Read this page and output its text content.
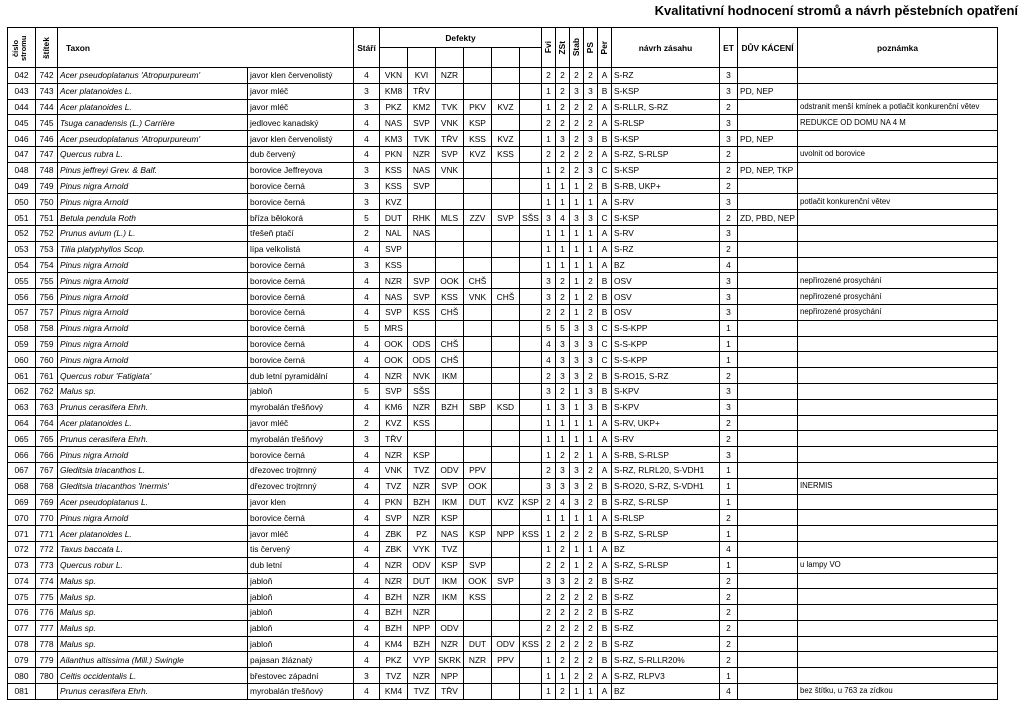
Kvalitativní hodnocení stromů a návrh pěstebních opatření
číslo stromu	štítek	Taxon		Stáří	Defekty						Fvi	ZSt	Stab	PS	Per	návrh zásahu	ET	DŮV KÁCENÍ	poznámka

042	742	Acer pseudoplatanus 'Atropurpureum'	javor klen červenolistý	4	VKN	KVI	NZR				2	2	2	2	A	S-RZ	3		
043	743	Acer platanoides L.	javor mléč	3	KM8	TŘV					1	2	3	3	B	S-KSP	3	PD, NEP	
044	744	Acer platanoides L.	javor mléč	3	PKZ	KM2	TVK	PKV	KVZ		1	2	2	2	A	S-RLLR, S-RZ	2		odstranit menší kmínek a potlačit konkurenční větev
045	745	Tsuga canadensis (L.) Carrière	jedlovec kanadský	4	NAS	SVP	VNK	KSP			2	2	2	2	A	S-RLSP	3		REDUKCE OD DOMU NA 4 M
046	746	Acer pseudoplatanus 'Atropurpureum'	javor klen červenolistý	4	KM3	TVK	TŘV	KSS	KVZ		1	3	2	3	B	S-KSP	3	PD, NEP	
047	747	Quercus rubra L.	dub červený	4	PKN	NZR	SVP	KVZ	KSS		2	2	2	2	A	S-RZ, S-RLSP	2		uvolnit od borovice
048	748	Pinus jeffreyi Grev. & Balf.	borovice Jeffreyova	3	KSS	NAS	VNK				1	2	2	3	C	S-KSP	2	PD, NEP, TKP	
049	749	Pinus nigra Arnold	borovice černá	3	KSS	SVP					1	1	1	2	B	S-RB, UKP+	2		
050	750	Pinus nigra Arnold	borovice černá	3	KVZ						1	1	1	1	A	S-RV	3		potlačit konkurenční větev
051	751	Betula pendula Roth	bříza bělokorá	5	DUT	RHK	MLS	ZZV	SVP	SŠS	3	4	3	3	C	S-KSP	2	ZD, PBD, NEP	
052	752	Prunus avium (L.) L.	třešeň ptačí	2	NAL	NAS					1	1	1	1	A	S-RV	3		
053	753	Tilia platyphyllos Scop.	lípa velkolistá	4	SVP						1	1	1	1	A	S-RZ	2		
054	754	Pinus nigra Arnold	borovice černá	3	KSS						1	1	1	1	A	BZ	4		
055	755	Pinus nigra Arnold	borovice černá	4	NZR	SVP	OOK	CHŠ			3	2	1	2	B	OSV	3		nepřirozené prosychání
056	756	Pinus nigra Arnold	borovice černá	4	NAS	SVP	KSS	VNK	CHŠ		3	2	1	2	B	OSV	3		nepřirozené prosychání
057	757	Pinus nigra Arnold	borovice černá	4	SVP	KSS	CHŠ				2	2	1	2	B	OSV	3		nepřirozené prosychání
058	758	Pinus nigra Arnold	borovice černá	5	MRS						5	5	3	3	C	S-S-KPP	1		
059	759	Pinus nigra Arnold	borovice černá	4	OOK	ODS	CHŠ				4	3	3	3	C	S-S-KPP	1		
060	760	Pinus nigra Arnold	borovice černá	4	OOK	ODS	CHŠ				4	3	3	3	C	S-S-KPP	1		
061	761	Quercus robur 'Fatigiata'	dub letní pyramidální	4	NZR	NVK	IKM				2	3	3	2	B	S-RO15, S-RZ	2		
062	762	Malus sp.	jabloň	5	SVP	SŠS					3	2	1	3	B	S-KPV	3		
063	763	Prunus cerasifera Ehrh.	myrobalán třešňový	4	KM6	NZR	BZH	SBP	KSD		1	3	1	3	B	S-KPV	3		
064	764	Acer platanoides L.	javor mléč	2	KVZ	KSS					1	1	1	1	A	S-RV, UKP+	2		
065	765	Prunus cerasifera Ehrh.	myrobalán třešňový	3	TŘV						1	1	1	1	A	S-RV	2		
066	766	Pinus nigra Arnold	borovice černá	4	NZR	KSP					1	2	2	1	A	S-RB, S-RLSP	3		
067	767	Gleditsia triacanthos L.	dřezovec trojtrnný	4	VNK	TVZ	ODV	PPV			2	3	3	2	A	S-RZ, RLRL20, S-VDH1	1		
068	768	Gleditsia triacanthos 'Inermis'	dřezovec trojtrnný	4	TVZ	NZR	SVP	OOK			3	3	3	2	B	S-RO20, S-RZ, S-VDH1	1		INERMIS
069	769	Acer pseudoplatanus L.	javor klen	4	PKN	BZH	IKM	DUT	KVZ	KSP	2	4	3	2	B	S-RZ, S-RLSP	1		
070	770	Pinus nigra Arnold	borovice černá	4	SVP	NZR	KSP				1	1	1	1	A	S-RLSP	2		
071	771	Acer platanoides L.	javor mléč	4	ZBK	PZ	NAS	KSP	NPP	KSS	1	2	2	2	B	S-RZ, S-RLSP	1		
072	772	Taxus baccata L.	tis červený	4	ZBK	VYK	TVZ				1	2	1	1	A	BZ	4		
073	773	Quercus robur L.	dub letní	4	NZR	ODV	KSP	SVP			2	2	1	2	A	S-RZ, S-RLSP	1		u lampy VO
074	774	Malus sp.	jabloň	4	NZR	DUT	IKM	OOK	SVP		3	3	2	2	B	S-RZ	2		
075	775	Malus sp.	jabloň	4	BZH	NZR	IKM	KSS			2	2	2	2	B	S-RZ	2		
076	776	Malus sp.	jabloň	4	BZH	NZR					2	2	2	2	B	S-RZ	2		
077	777	Malus sp.	jabloň	4	BZH	NPP	ODV				2	2	2	2	B	S-RZ	2		
078	778	Malus sp.	jabloň	4	KM4	BZH	NZR	DUT	ODV	KSS	2	2	2	2	B	S-RZ	2		
079	779	Ailanthus altissima (Mill.) Swingle	pajasan žláznatý	4	PKZ	VYP	SKRK	NZR	PPV		1	2	2	2	B	S-RZ, S-RLLR20%	2		
080	780	Celtis occidentalis L.	břestovec západní	3	TVZ	NZR	NPP				1	1	2	2	A	S-RZ, RLPV3	1		
081		Prunus cerasifera Ehrh.	myrobalán třešňový	4	KM4	TVZ	TŘV				1	2	1	1	A	BZ	4		bez štítku, u 763 za zídkou
